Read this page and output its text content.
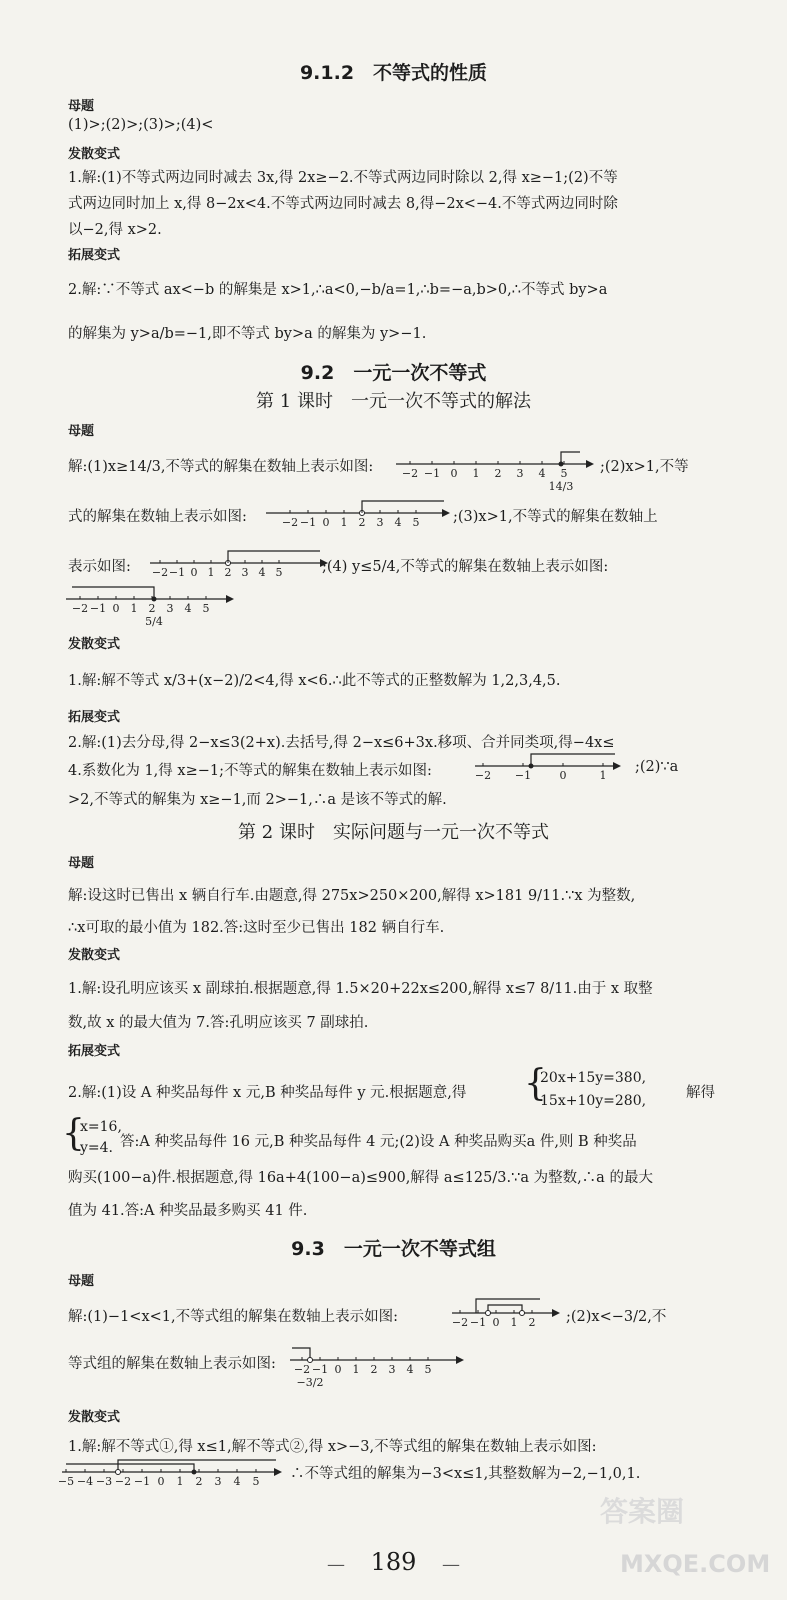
9.1.2　不等式的性质
母题
(1)>;(2)>;(3)>;(4)<
发散变式
1.解:(1)不等式两边同时减去 3x,得 2x≥−2.不等式两边同时除以 2,得 x≥−1;(2)不等
式两边同时加上 x,得 8−2x<4.不等式两边同时减去 8,得−2x<−4.不等式两边同时除
以−2,得 x>2.
拓展变式
2.解:∵不等式 ax<−b 的解集是 x>1,∴a<0,−b/a=1,∴b=−a,b>0,∴不等式 by>a
的解集为 y>a/b=−1,即不等式 by>a 的解集为 y>−1.
9.2　一元一次不等式
第 1 课时　一元一次不等式的解法
母题
解:(1)x≥14/3,不等式的解集在数轴上表示如图:	−2 −1 0 1 2 3 4 5
14/3
;(2)x>1,不等
式的解集在数轴上表示如图:	−2 −1 0 1 2 3 4 5 ;(3)x>1,不等式的解集在数轴上
表示如图: −2 −1 0 1 2 3 4 5	;(4) y≤5/4,不等式的解集在数轴上表示如图:
−2 −1 0 1 2 3 4 5
5/4
发散变式
1.解:解不等式 x/3+(x−2)/2<4,得 x<6.∴此不等式的正整数解为 1,2,3,4,5.
拓展变式
2.解:(1)去分母,得 2−x≤3(2+x).去括号,得 2−x≤6+3x.移项、合并同类项,得−4x≤
4.系数化为 1,得 x≥−1;不等式的解集在数轴上表示如图:	−2 −1	0	1
;(2)∵a
>2,不等式的解集为 x≥−1,而 2>−1,∴a 是该不等式的解.
第 2 课时　实际问题与一元一次不等式
母题
解:设这时已售出 x 辆自行车.由题意,得 275x>250×200,解得 x>181 9/11.∵x 为整数,
∴x可取的最小值为 182.答:这时至少已售出 182 辆自行车.
发散变式
1.解:设孔明应该买 x 副球拍.根据题意,得 1.5×20+22x≤200,解得 x≤7 8/11.由于 x 取整
数,故 x 的最大值为 7.答:孔明应该买 7 副球拍.
拓展变式
2.解:(1)设 A 种奖品每件 x 元,B 种奖品每件 y 元.根据题意,得 {
20x+15y=380,
15x+10y=280,	解得
{
x=16,
y=4. 答:A 种奖品每件 16 元,B 种奖品每件 4 元;(2)设 A 种奖品购买a 件,则 B 种奖品
购买(100−a)件.根据题意,得 16a+4(100−a)≤900,解得 a≤125/3.∵a 为整数,∴a 的最大
值为 41.答:A 种奖品最多购买 41 件.
9.3　一元一次不等式组
母题
解:(1)−1<x<1,不等式组的解集在数轴上表示如图:	−2 −1 0 1 2 ;(2)x<−3/2,不
等式组的解集在数轴上表示如图: −2 −1 0 1 2 3 4 5
−3/2
发散变式
1.解:解不等式①,得 x≤1,解不等式②,得 x>−3,不等式组的解集在数轴上表示如图:
−5 −4 −3 −2 −1 0 1 2 3 4 5 ∴不等式组的解集为−3<x≤1,其整数解为−2,−1,0,1.
—　 189 　—
答案圈
MXQE.COM
